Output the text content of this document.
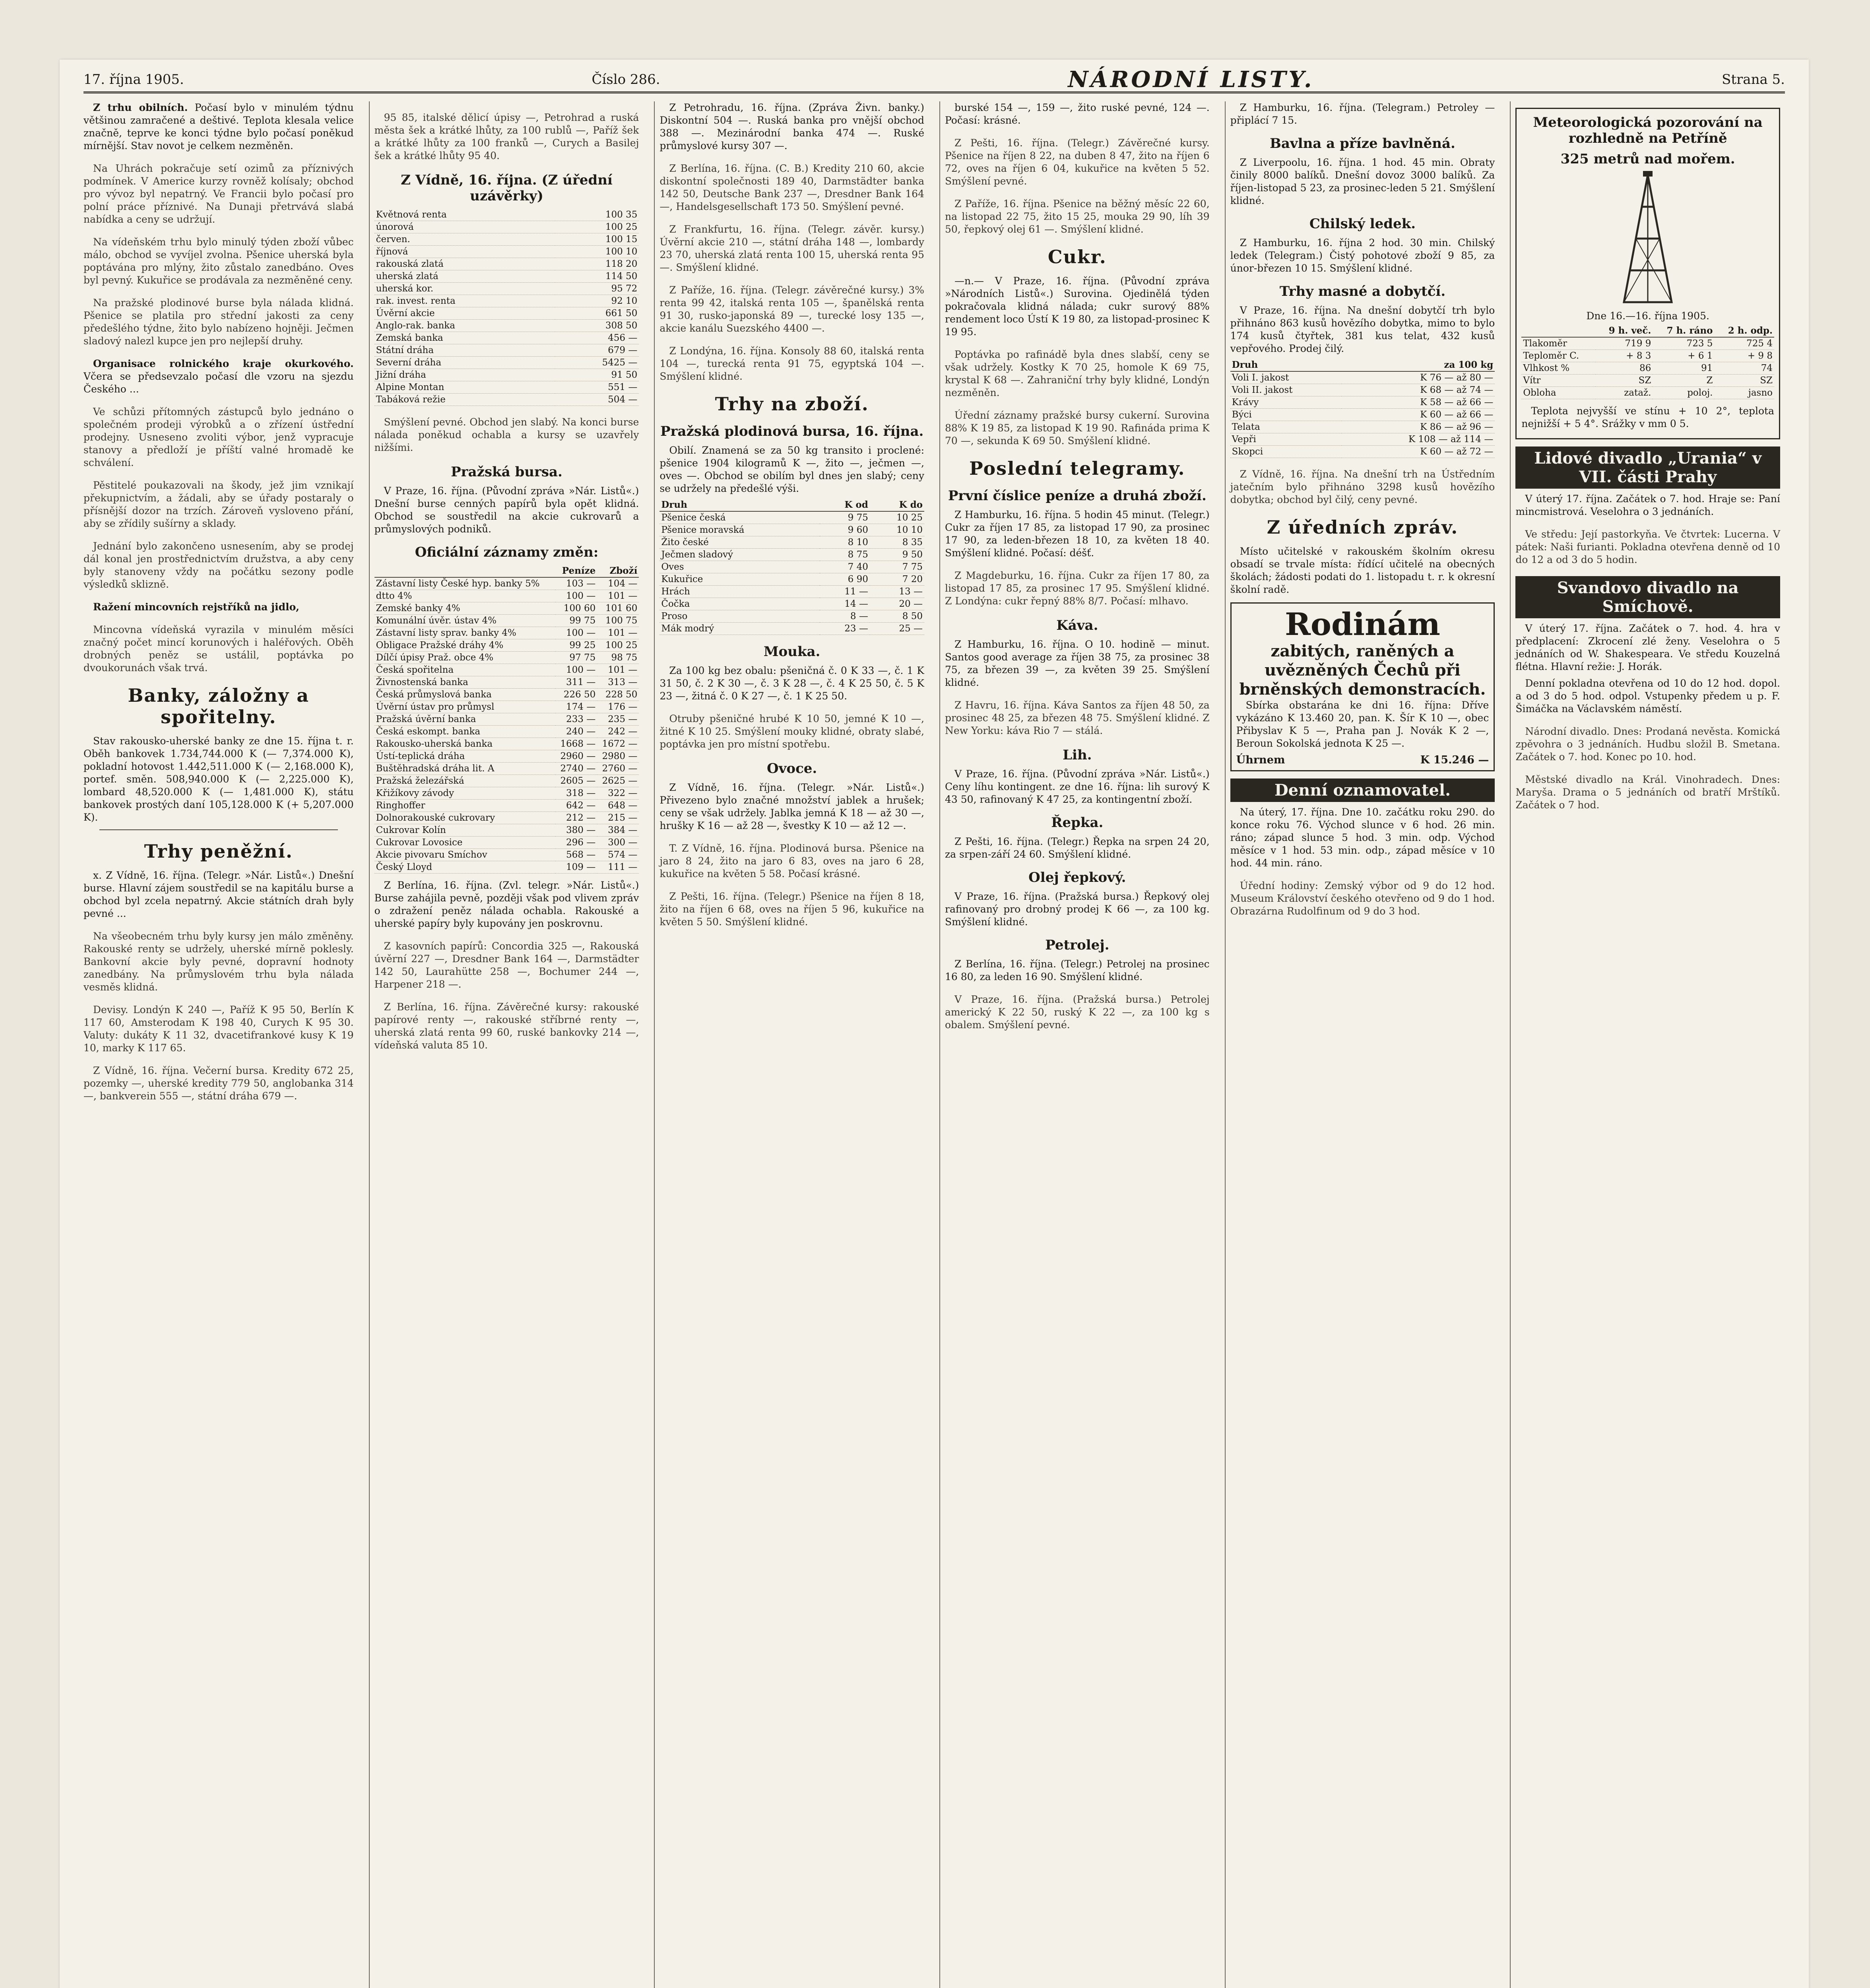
17. října 1905.	Číslo 286.	NÁRODNÍ LISTY.	Strana 5.

Z trhu obilních. Počasí bylo v minulém týdnu většinou zamračené a deštivé. Teplota klesala velice značně, teprve ke konci týdne bylo počasí poněkud mírnější. Stav novot je celkem nezměněn.

Na Uhrách pokračuje setí ozimů za příznivých podmínek. V Americe kurzy rovněž kolísaly; obchod pro vývoz byl nepatrný. Ve Francii bylo počasí pro polní práce příznivé. Na Dunaji přetrvává slabá nabídka a ceny se udržují.

Na vídeňském trhu bylo minulý týden zboží vůbec málo, obchod se vyvíjel zvolna. Pšenice uherská byla poptávána pro mlýny, žito zůstalo zanedbáno. Oves byl pevný. Kukuřice se prodávala za nezměněné ceny.

Na pražské plodinové burse byla nálada klidná. Pšenice se platila pro střední jakosti za ceny předešlého týdne, žito bylo nabízeno hojněji. Ječmen sladový nalezl kupce jen pro nejlepší druhy.

Organisace rolnického kraje okurkového. Včera se předsevzalo počasí dle vzoru na sjezdu Českého ...

Ve schůzi přítomných zástupců bylo jednáno o společném prodeji výrobků a o zřízení ústřední prodejny. Usneseno zvoliti výbor, jenž vypracuje stanovy a předloží je příští valné hromadě ke schválení.

Pěstitelé poukazovali na škody, jež jim vznikají překupnictvím, a žádali, aby se úřady postaraly o přísnější dozor na trzích. Zároveň vysloveno přání, aby se zřídily sušírny a sklady.

Jednání bylo zakončeno usnesením, aby se prodej dál konal jen prostřednictvím družstva, a aby ceny byly stanoveny vždy na počátku sezony podle výsledků sklizně.

Ražení mincovních rejstříků na jidlo,

Mincovna vídeňská vyrazila v minulém měsíci značný počet mincí korunových i haléřových. Oběh drobných peněz se ustálil, poptávka po dvoukorunách však trvá.

Banky, záložny a spořitelny.

Stav rakousko-uherské banky ze dne 15. října t. r. Oběh bankovek 1.734,744.000 K (— 7,374.000 K), pokladní hotovost 1.442,511.000 K (— 2,168.000 K), portef. směn. 508,940.000 K (— 2,225.000 K), lombard 48,520.000 K (— 1,481.000 K), státu bankovek prostých daní 105,128.000 K (+ 5,207.000 K).

Trhy peněžní.

x. Z Vídně, 16. října. (Telegr. »Nár. Listů«.) Dnešní burse. Hlavní zájem soustředil se na kapitálu burse a obchod byl zcela nepatrný. Akcie státních drah byly pevné ...

Na všeobecném trhu byly kursy jen málo změněny. Rakouské renty se udržely, uherské mírně poklesly. Bankovní akcie byly pevné, dopravní hodnoty zanedbány. Na průmyslovém trhu byla nálada vesměs klidná.

Devisy. Londýn K 240 —, Paříž K 95 50, Berlín K 117 60, Amsterodam K 198 40, Curych K 95 30. Valuty: dukáty K 11 32, dvacetifrankové kusy K 19 10, marky K 117 65.

Z Vídně, 16. října. Večerní bursa. Kredity 672 25, pozemky —, uherské kredity 779 50, anglobanka 314 —, bankverein 555 —, státní dráha 679 —.

95 85, italské dělicí úpisy —, Petrohrad a ruská města šek a krátké lhůty, za 100 rublů —, Paříž šek a krátké lhůty za 100 franků —, Curych a Basilej šek a krátké lhůty 95 40.

Z Vídně, 16. října. (Z úřední uzávěrky)
Květnová renta	100 35
únorová	100 25
červen.	100 15
říjnová	100 10
rakouská zlatá	118 20
uherská zlatá	114 50
uherská kor.	95 72
rak. invest. renta	92 10
Úvěrní akcie	661 50
Anglo-rak. banka	308 50
Zemská banka	456 —
Státní dráha	679 —
Severní dráha	5425 —
Jižní dráha	91 50
Alpine Montan	551 —
Tabáková režie	504 —

Smýšlení pevné. Obchod jen slabý. Na konci burse nálada poněkud ochabla a kursy se uzavřely nižšími.

Pražská bursa.

V Praze, 16. října. (Původní zpráva »Nár. Listů«.) Dnešní burse cenných papírů byla opět klidná. Obchod se soustředil na akcie cukrovarů a průmyslových podniků.

Oficiální záznamy změn:
	Peníze	Zboží
Zástavní listy České hyp. banky 5%	103 —	104 —
dtto 4%	100 —	101 —
Zemské banky 4%	100 60	101 60
Komunální úvěr. ústav 4%	99 75	100 75
Zástavní listy sprav. banky 4%	100 —	101 —
Obligace Pražské dráhy 4%	99 25	100 25
Dílčí úpisy Praž. obce 4%	97 75	98 75
Česká spořitelna	100 —	101 —
Živnostenská banka	311 —	313 —
Česká průmyslová banka	226 50	228 50
Úvěrní ústav pro průmysl	174 —	176 —
Pražská úvěrní banka	233 —	235 —
Česká eskompt. banka	240 —	242 —
Rakousko-uherská banka	1668 —	1672 —
Ústí-teplická dráha	2960 —	2980 —
Buštěhradská dráha lit. A	2740 —	2760 —
Pražská železářská	2605 —	2625 —
Křižíkovy závody	318 —	322 —
Ringhoffer	642 —	648 —
Dolnorakouské cukrovary	212 —	215 —
Cukrovar Kolín	380 —	384 —
Cukrovar Lovosice	296 —	300 —
Akcie pivovaru Smíchov	568 —	574 —
Český Lloyd	109 —	111 —

Z Berlína, 16. října. (Zvl. telegr. »Nár. Listů«.) Burse zahájila pevně, později však pod vlivem zpráv o zdražení peněz nálada ochabla. Rakouské a uherské papíry byly kupovány jen poskrovnu.

Z kasovních papírů: Concordia 325 —, Rakouská úvěrní 227 —, Dresdner Bank 164 —, Darmstädter 142 50, Laurahütte 258 —, Bochumer 244 —, Harpener 218 —.

Z Berlína, 16. října. Závěrečné kursy: rakouské papírové renty —, rakouské stříbrné renty —, uherská zlatá renta 99 60, ruské bankovky 214 —, vídeňská valuta 85 10.

Z Petrohradu, 16. října. (Zpráva Živn. banky.) Diskontní 504 —. Ruská banka pro vnější obchod 388 —. Mezinárodní banka 474 —. Ruské průmyslové kursy 307 —.

Z Berlína, 16. října. (C. B.) Kredity 210 60, akcie diskontní společnosti 189 40, Darmstädter banka 142 50, Deutsche Bank 237 —, Dresdner Bank 164 —, Handelsgesellschaft 173 50. Smýšlení pevné.

Z Frankfurtu, 16. října. (Telegr. závěr. kursy.) Úvěrní akcie 210 —, státní dráha 148 —, lombardy 23 70, uherská zlatá renta 100 15, uherská renta 95 —. Smýšlení klidné.

Z Paříže, 16. října. (Telegr. závěrečné kursy.) 3% renta 99 42, italská renta 105 —, španělská renta 91 30, rusko-japonská 89 —, turecké losy 135 —, akcie kanálu Suezského 4400 —.

Z Londýna, 16. října. Konsoly 88 60, italská renta 104 —, turecká renta 91 75, egyptská 104 —. Smýšlení klidné.

Trhy na zboží.
Pražská plodinová bursa, 16. října.

Obilí. Znamená se za 50 kg transito i proclené: pšenice 1904 kilogramů K —, žito —, ječmen —, oves —. Obchod se obilím byl dnes jen slabý; ceny se udržely na předešlé výši.

Druh	K od	K do
Pšenice česká	9 75	10 25
Pšenice moravská	9 60	10 10
Žito české	8 10	8 35
Ječmen sladový	8 75	9 50
Oves	7 40	7 75
Kukuřice	6 90	7 20
Hrách	11 —	13 —
Čočka	14 —	20 —
Proso	8 —	8 50
Mák modrý	23 —	25 —
Mouka.

Za 100 kg bez obalu: pšeničná č. 0 K 33 —, č. 1 K 31 50, č. 2 K 30 —, č. 3 K 28 —, č. 4 K 25 50, č. 5 K 23 —, žitná č. 0 K 27 —, č. 1 K 25 50.

Otruby pšeničné hrubé K 10 50, jemné K 10 —, žitné K 10 25. Smýšlení mouky klidné, obraty slabé, poptávka jen pro místní spotřebu.

Ovoce.

Z Vídně, 16. října. (Telegr. »Nár. Listů«.) Přivezeno bylo značné množství jablek a hrušek; ceny se však udržely. Jablka jemná K 18 — až 30 —, hrušky K 16 — až 28 —, švestky K 10 — až 12 —.

T. Z Vídně, 16. října. Plodinová bursa. Pšenice na jaro 8 24, žito na jaro 6 83, oves na jaro 6 28, kukuřice na květen 5 58. Počasí krásné.

Z Pešti, 16. října. (Telegr.) Pšenice na říjen 8 18, žito na říjen 6 68, oves na říjen 5 96, kukuřice na květen 5 50. Smýšlení klidné.

burské 154 —, 159 —, žito ruské pevné, 124 —. Počasí: krásné.

Z Pešti, 16. října. (Telegr.) Závěrečné kursy. Pšenice na říjen 8 22, na duben 8 47, žito na říjen 6 72, oves na říjen 6 04, kukuřice na květen 5 52. Smýšlení pevné.

Z Paříže, 16. října. Pšenice na běžný měsíc 22 60, na listopad 22 75, žito 15 25, mouka 29 90, líh 39 50, řepkový olej 61 —. Smýšlení klidné.

Cukr.

—n.— V Praze, 16. října. (Původní zpráva »Národních Listů«.) Surovina. Ojedinělá týden pokračovala klidná nálada; cukr surový 88% rendement loco Ústí K 19 80, za listopad-prosinec K 19 95.

Poptávka po rafinádě byla dnes slabší, ceny se však udržely. Kostky K 70 25, homole K 69 75, krystal K 68 —. Zahraniční trhy byly klidné, Londýn nezměněn.

Úřední záznamy pražské bursy cukerní. Surovina 88% K 19 85, za listopad K 19 90. Rafináda prima K 70 —, sekunda K 69 50. Smýšlení klidné.

Poslední telegramy.
První číslice peníze a druhá zboží.

Z Hamburku, 16. října. 5 hodin 45 minut. (Telegr.) Cukr za říjen 17 85, za listopad 17 90, za prosinec 17 90, za leden-březen 18 10, za květen 18 40. Smýšlení klidné. Počasí: déšť.

Z Magdeburku, 16. října. Cukr za říjen 17 80, za listopad 17 85, za prosinec 17 95. Smýšlení klidné. Z Londýna: cukr řepný 88% 8/7. Počasí: mlhavo.

Káva.

Z Hamburku, 16. října. O 10. hodině — minut. Santos good average za říjen 38 75, za prosinec 38 75, za březen 39 —, za květen 39 25. Smýšlení klidné.

Z Havru, 16. října. Káva Santos za říjen 48 50, za prosinec 48 25, za březen 48 75. Smýšlení klidné. Z New Yorku: káva Rio 7 — stálá.

Lih.

V Praze, 16. října. (Původní zpráva »Nár. Listů«.) Ceny líhu kontingent. ze dne 16. října: lih surový K 43 50, rafinovaný K 47 25, za kontingentní zboží.

Řepka.

Z Pešti, 16. října. (Telegr.) Řepka na srpen 24 20, za srpen-září 24 60. Smýšlení klidné.

Olej řepkový.

V Praze, 16. října. (Pražská bursa.) Řepkový olej rafinovaný pro drobný prodej K 66 —, za 100 kg. Smýšlení klidné.

Petrolej.

Z Berlína, 16. října. (Telegr.) Petrolej na prosinec 16 80, za leden 16 90. Smýšlení klidné.

V Praze, 16. října. (Pražská bursa.) Petrolej americký K 22 50, ruský K 22 —, za 100 kg s obalem. Smýšlení pevné.

Z Hamburku, 16. října. (Telegram.) Petroley — připlácí 7 15.

Bavlna a příze bavlněná.

Z Liverpoolu, 16. října. 1 hod. 45 min. Obraty činily 8000 balíků. Dnešní dovoz 3000 balíků. Za říjen-listopad 5 23, za prosinec-leden 5 21. Smýšlení klidné.

Chilský ledek.

Z Hamburku, 16. října 2 hod. 30 min. Chilský ledek (Telegram.) Čistý pohotové zboží 9 85, za únor-březen 10 15. Smýšlení klidné.

Trhy masné a dobytčí.

V Praze, 16. října. Na dnešní dobytčí trh bylo přihnáno 863 kusů hovězího dobytka, mimo to bylo 174 kusů čtyřtek, 381 kus telat, 432 kusů vepřového. Prodej čilý.

Druh	za 100 kg
Voli I. jakost	K 76 — až 80 —
Voli II. jakost	K 68 — až 74 —
Krávy	K 58 — až 66 —
Býci	K 60 — až 66 —
Telata	K 86 — až 96 —
Vepři	K 108 — až 114 —
Skopci	K 60 — až 72 —

Z Vídně, 16. října. Na dnešní trh na Ústředním jatečním bylo přihnáno 3298 kusů hovězího dobytka; obchod byl čilý, ceny pevné.

Z úředních zpráv.

Místo učitelské v rakouském školním okresu obsadí se trvale místa: řídící učitelé na obecných školách; žádosti podati do 1. listopadu t. r. k okresní školní radě.

Rodinám
zabitých, raněných a uvězněných Čechů při brněnských demonstracích.

Sbírka obstarána ke dni 16. října: Dříve vykázáno K 13.460 20, pan. K. Šír K 10 —, obec Přibyslav K 5 —, Praha pan J. Novák K 2 —, Beroun Sokolská jednota K 25 —.

Úhrnem	K 15.246 —
Denní oznamovatel.

Na úterý, 17. října. Dne 10. začátku roku 290. do konce roku 76. Východ slunce v 6 hod. 26 min. ráno; západ slunce 5 hod. 3 min. odp. Východ měsíce v 1 hod. 53 min. odp., západ měsíce v 10 hod. 44 min. ráno.

Úřední hodiny: Zemský výbor od 9 do 12 hod. Museum Království českého otevřeno od 9 do 1 hod. Obrazárna Rudolfinum od 9 do 3 hod.

Meteorologická pozorování na rozhledně na Petříně
325 metrů nad mořem.
Dne 16.—16. října 1905.
	9 h. več.	7 h. ráno	2 h. odp.
Tlakoměr	719 9	723 5	725 4
Teploměr C.	+ 8 3	+ 6 1	+ 9 8
Vlhkost %	86	91	74
Vítr	SZ	Z	SZ
Obloha	zataž.	poloj.	jasno

Teplota nejvyšší ve stínu + 10 2°, teplota nejnižší + 5 4°. Srážky v mm 0 5.

Lidové divadlo „Urania“ v VII. části Prahy

V úterý 17. října. Začátek o 7. hod. Hraje se: Paní mincmistrová. Veselohra o 3 jednáních.

Ve středu: Její pastorkyňa. Ve čtvrtek: Lucerna. V pátek: Naši furianti. Pokladna otevřena denně od 10 do 12 a od 3 do 5 hodin.

Svandovo divadlo na Smíchově.

V úterý 17. října. Začátek o 7. hod. 4. hra v předplacení: Zkrocení zlé ženy. Veselohra o 5 jednáních od W. Shakespeara. Ve středu Kouzelná flétna. Hlavní režie: J. Horák.

Denní pokladna otevřena od 10 do 12 hod. dopol. a od 3 do 5 hod. odpol. Vstupenky předem u p. F. Šimáčka na Václavském náměstí.

Národní divadlo. Dnes: Prodaná nevěsta. Komická zpěvohra o 3 jednáních. Hudbu složil B. Smetana. Začátek o 7. hod. Konec po 10. hod.

Městské divadlo na Král. Vinohradech. Dnes: Maryša. Drama o 5 jednáních od bratří Mrštíků. Začátek o 7 hod.
